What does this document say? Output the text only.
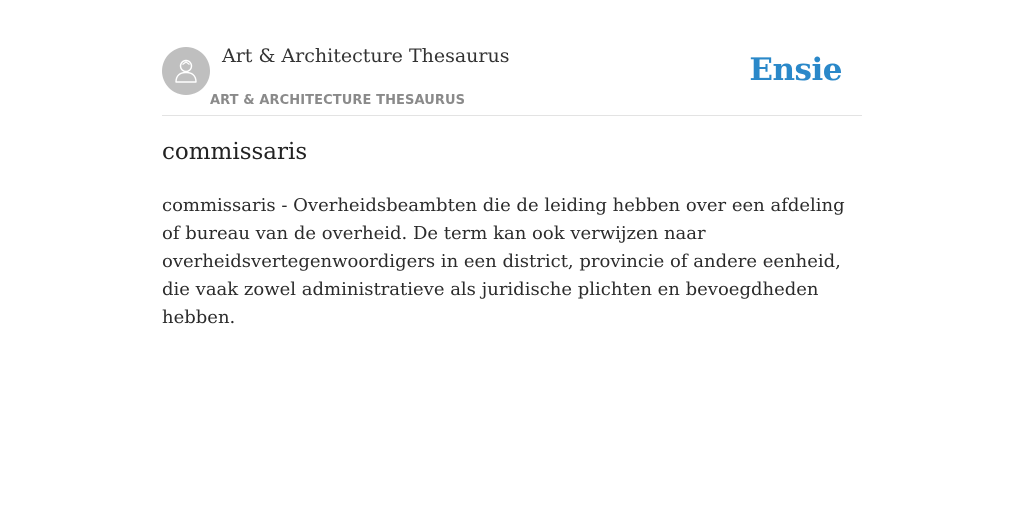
Art & Architecture Thesaurus
ART & ARCHITECTURE THESAURUS
Ensie
commissaris

commissaris - Overheidsbeambten die de leiding hebben over een afdeling of bureau van de overheid. De term kan ook verwijzen naar overheidsvertegenwoordigers in een district, provincie of andere eenheid, die vaak zowel administratieve als juridische plichten en bevoegdheden hebben.
